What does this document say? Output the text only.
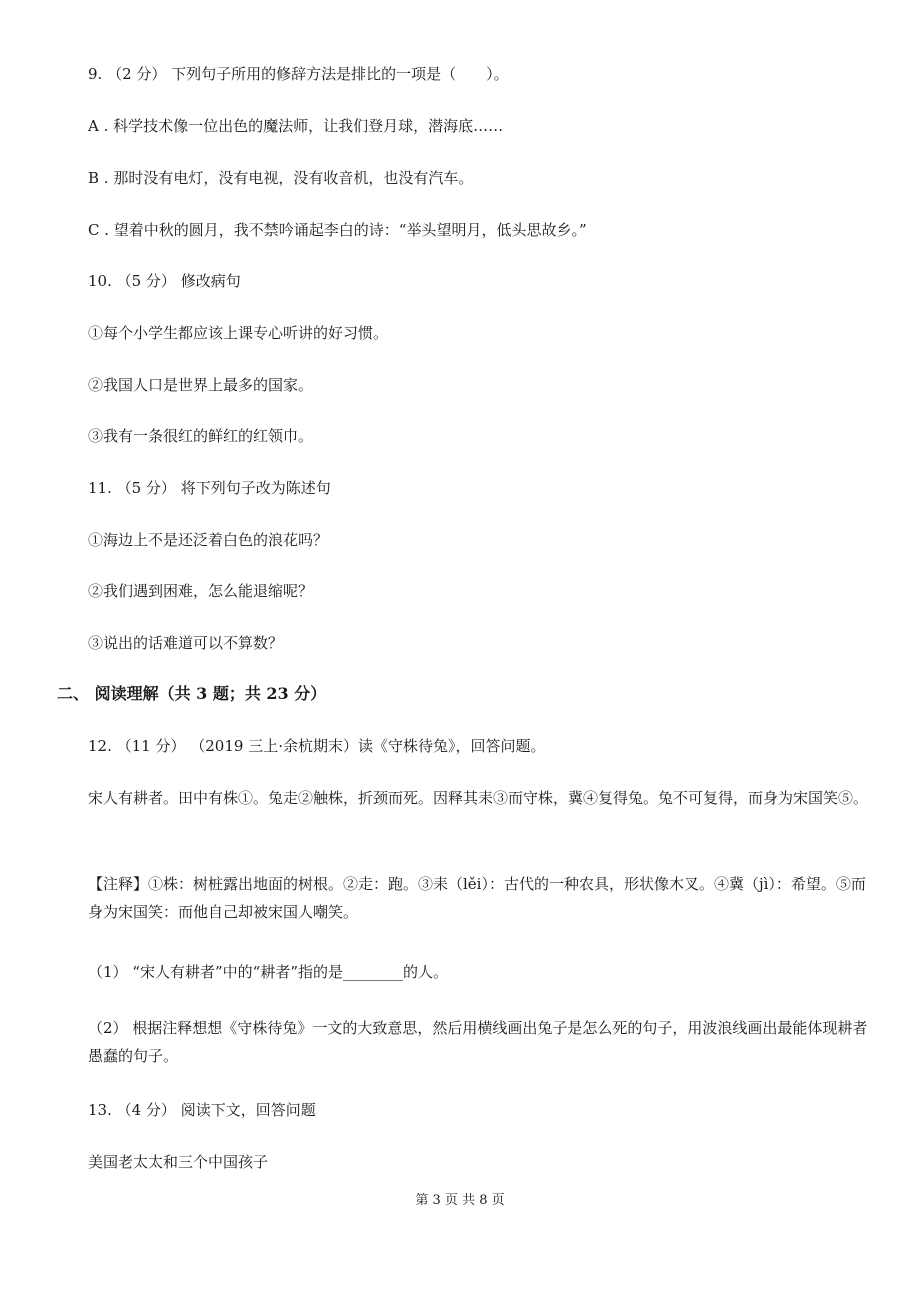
9. （2 分） 下列句子所用的修辞方法是排比的一项是（　　）。
A . 科学技术像一位出色的魔法师，让我们登月球，潜海底……
B . 那时没有电灯，没有电视，没有收音机，也没有汽车。
C . 望着中秋的圆月，我不禁吟诵起李白的诗：“举头望明月，低头思故乡。”
10. （5 分） 修改病句
①每个小学生都应该上课专心听讲的好习惯。
②我国人口是世界上最多的国家。
③我有一条很红的鲜红的红领巾。
11. （5 分） 将下列句子改为陈述句
①海边上不是还泛着白色的浪花吗？
②我们遇到困难，怎么能退缩呢？
③说出的话难道可以不算数？
二、 阅读理解（共 3 题；共 23 分）
12. （11 分） （2019 三上·余杭期末）读《守株待兔》，回答问题。
宋人有耕者。田中有株①。兔走②触株，折颈而死。因释其耒③而守株，冀④复得兔。兔不可复得，而身为宋国笑⑤。
【注释】①株：树桩露出地面的树根。②走：跑。③耒（lěi）：古代的一种农具，形状像木叉。④冀（jì）：希望。⑤而身为宋国笑：而他自己却被宋国人嘲笑。
（1） “宋人有耕者”中的“耕者”指的是________的人。
（2） 根据注释想想《守株待兔》一文的大致意思，然后用横线画出兔子是怎么死的句子，用波浪线画出最能体现耕者愚蠢的句子。
13. （4 分） 阅读下文，回答问题
美国老太太和三个中国孩子
第 3 页 共 8 页
